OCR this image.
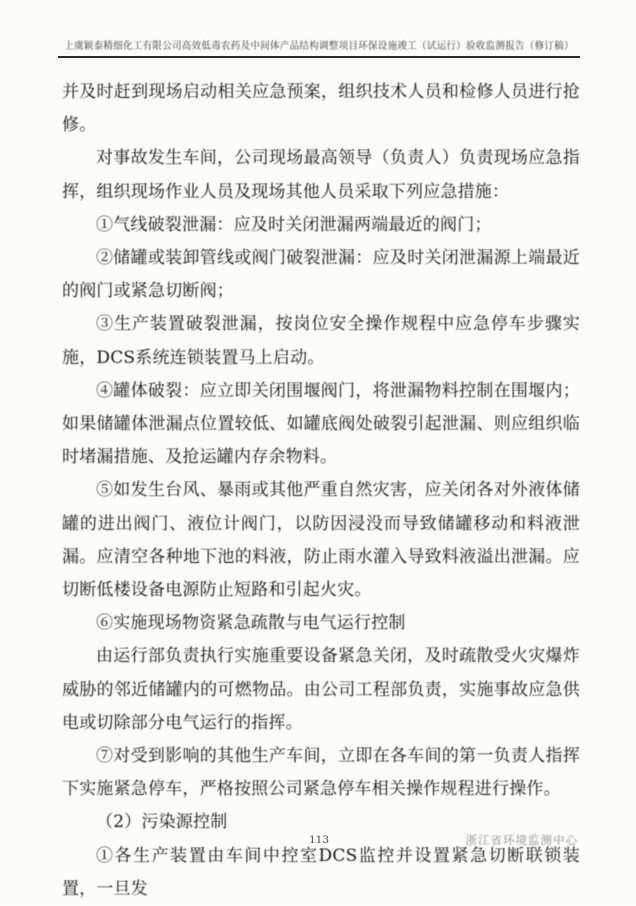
上虞颖泰精细化工有限公司高效低毒农药及中间体产品结构调整项目环保设施竣工（试运行）验收监测报告（修订稿）

并及时赶到现场启动相关应急预案，组织技术人员和检修人员进行抢修。

对事故发生车间，公司现场最高领导（负责人）负责现场应急指挥，组织现场作业人员及现场其他人员采取下列应急措施：

①气线破裂泄漏：应及时关闭泄漏两端最近的阀门；

②储罐或装卸管线或阀门破裂泄漏：应及时关闭泄漏源上端最近的阀门或紧急切断阀；

③生产装置破裂泄漏，按岗位安全操作规程中应急停车步骤实施，DCS系统连锁装置马上启动。

④罐体破裂：应立即关闭围堰阀门，将泄漏物料控制在围堰内；如果储罐体泄漏点位置较低、如罐底阀处破裂引起泄漏、则应组织临时堵漏措施、及抢运罐内存余物料。

⑤如发生台风、暴雨或其他严重自然灾害，应关闭各对外液体储罐的进出阀门、液位计阀门，以防因浸没而导致储罐移动和料液泄漏。应清空各种地下池的料液，防止雨水灌入导致料液溢出泄漏。应切断低楼设备电源防止短路和引起火灾。

⑥实施现场物资紧急疏散与电气运行控制

由运行部负责执行实施重要设备紧急关闭，及时疏散受火灾爆炸威胁的邻近储罐内的可燃物品。由公司工程部负责，实施事故应急供电或切除部分电气运行的指挥。

⑦对受到影响的其他生产车间，立即在各车间的第一负责人指挥下实施紧急停车，严格按照公司紧急停车相关操作规程进行操作。

（2）污染源控制

①各生产装置由车间中控室DCS监控并设置紧急切断联锁装置，一旦发

113	浙江省环境监测中心
